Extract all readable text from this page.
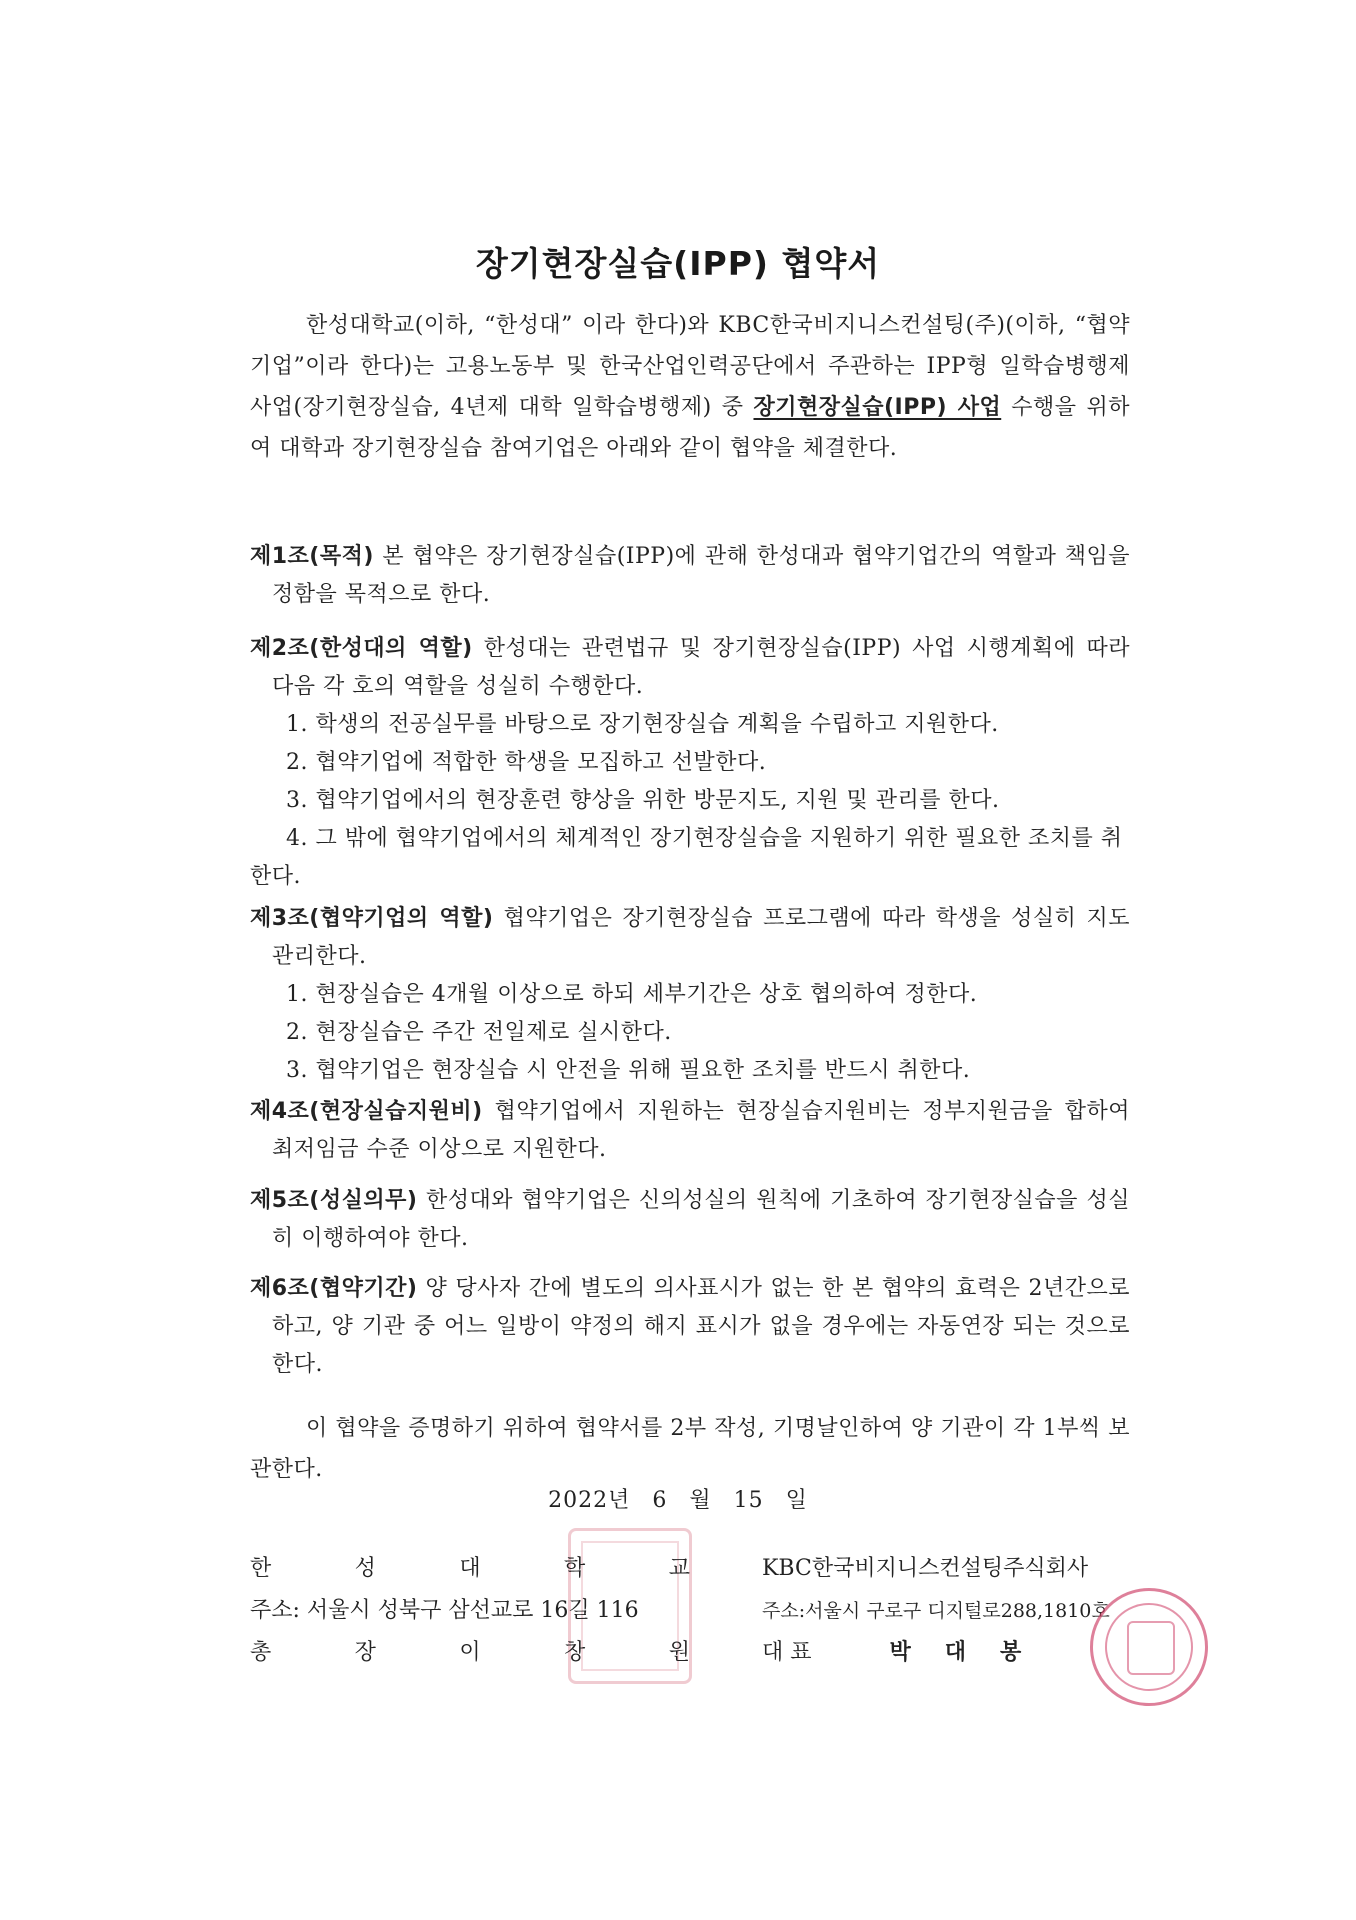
장기현장실습(IPP) 협약서
한성대학교(이하, “한성대” 이라 한다)와 KBC한국비지니스컨설팅(주)(이하, “협약기업”이라 한다)는 고용노동부 및 한국산업인력공단에서 주관하는 IPP형 일학습병행제 사업(장기현장실습, 4년제 대학 일학습병행제) 중 장기현장실습(IPP) 사업 수행을 위하여 대학과 장기현장실습 참여기업은 아래와 같이 협약을 체결한다.
제1조(목적) 본 협약은 장기현장실습(IPP)에 관해 한성대과 협약기업간의 역할과 책임을 정함을 목적으로 한다.
제2조(한성대의 역할) 한성대는 관련법규 및 장기현장실습(IPP) 사업 시행계획에 따라 다음 각 호의 역할을 성실히 수행한다.
1. 학생의 전공실무를 바탕으로 장기현장실습 계획을 수립하고 지원한다.
2. 협약기업에 적합한 학생을 모집하고 선발한다.
3. 협약기업에서의 현장훈련 향상을 위한 방문지도, 지원 및 관리를 한다.
4. 그 밖에 협약기업에서의 체계적인 장기현장실습을 지원하기 위한 필요한 조치를 취한다.
제3조(협약기업의 역할) 협약기업은 장기현장실습 프로그램에 따라 학생을 성실히 지도 관리한다.
1. 현장실습은 4개월 이상으로 하되 세부기간은 상호 협의하여 정한다.
2. 현장실습은 주간 전일제로 실시한다.
3. 협약기업은 현장실습 시 안전을 위해 필요한 조치를 반드시 취한다.
제4조(현장실습지원비) 협약기업에서 지원하는 현장실습지원비는 정부지원금을 합하여 최저임금 수준 이상으로 지원한다.
제5조(성실의무) 한성대와 협약기업은 신의성실의 원칙에 기초하여 장기현장실습을 성실히 이행하여야 한다.
제6조(협약기간) 양 당사자 간에 별도의 의사표시가 없는 한 본 협약의 효력은 2년간으로 하고, 양 기관 중 어느 일방이 약정의 해지 표시가 없을 경우에는 자동연장 되는 것으로 한다.
이 협약을 증명하기 위하여 협약서를 2부 작성, 기명날인하여 양 기관이 각 1부씩 보관한다.
2022년 6 월 15 일
한	성	대	학	교
주소: 서울시 성북구 삼선교로 16길 116
총	장	이	창	원
KBC한국비지니스컨설팅주식회사
주소:서울시 구로구 디지털로288,1810호
대 표	박대봉
